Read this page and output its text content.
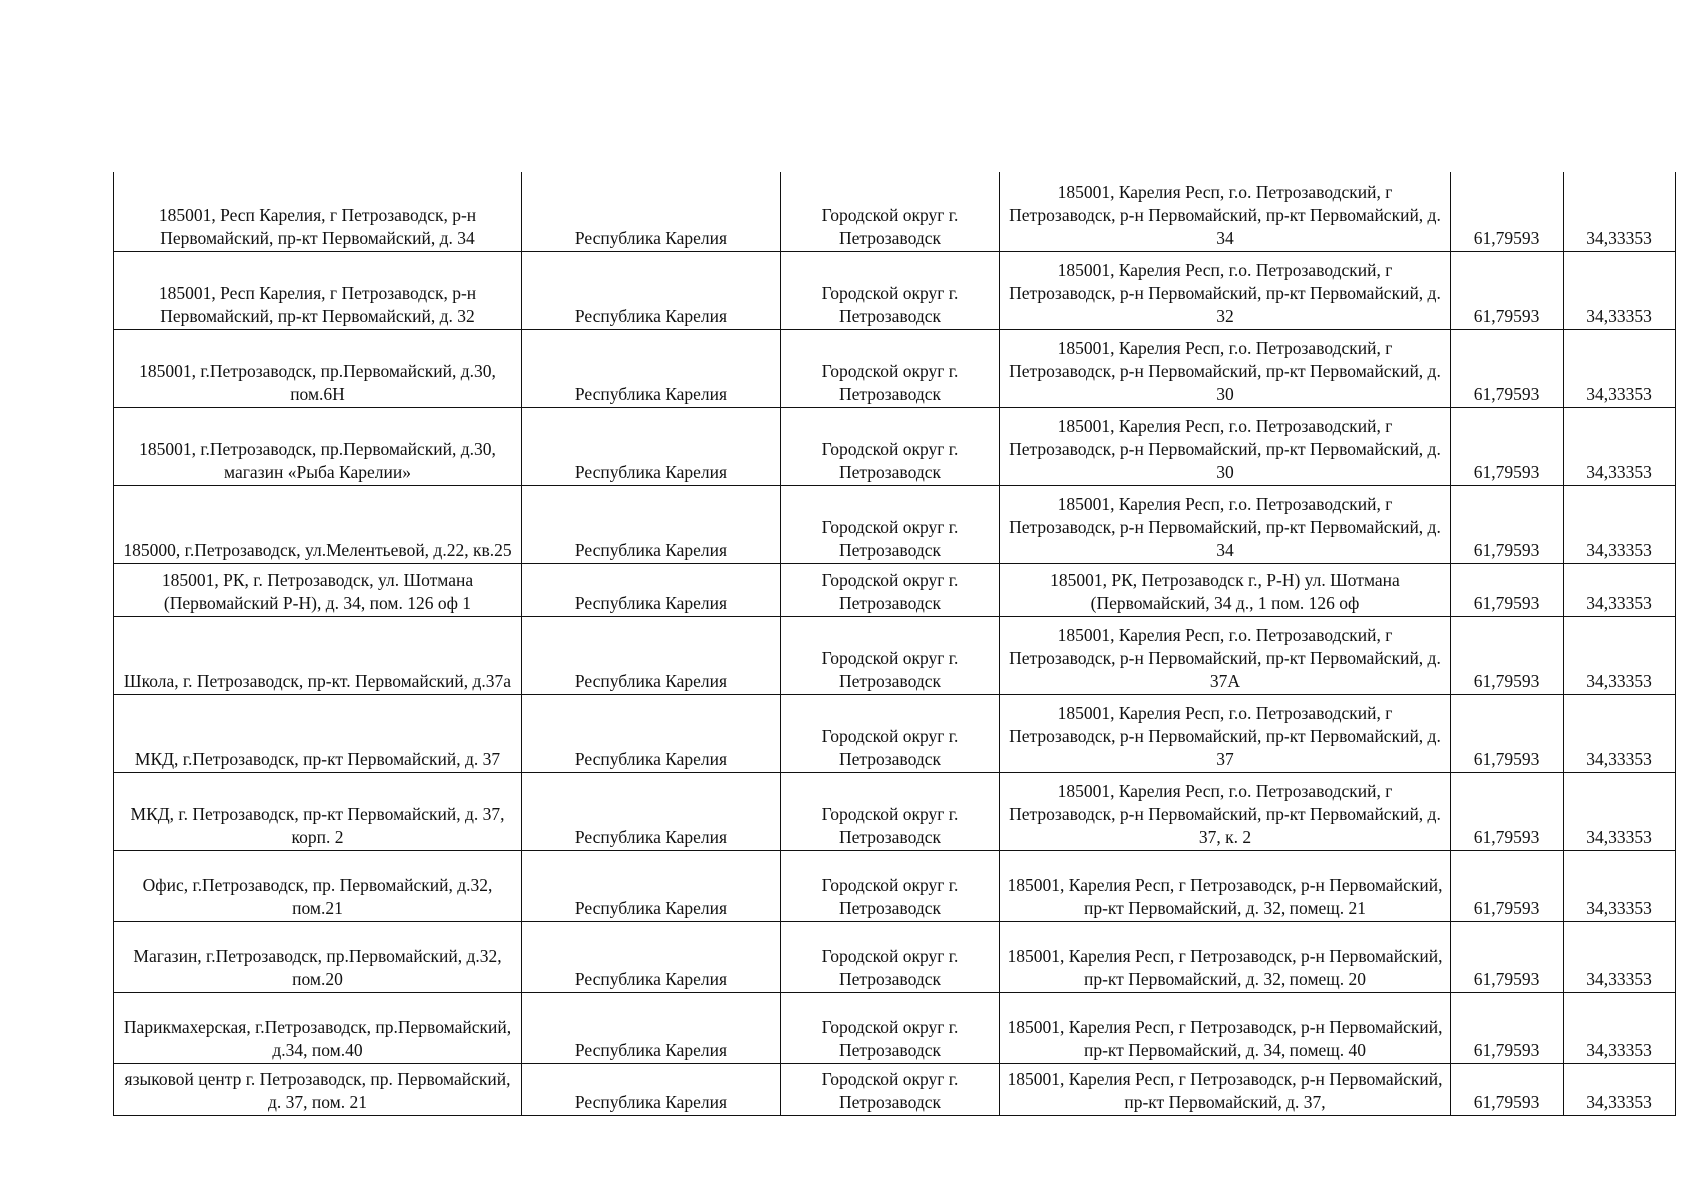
185001, Респ Карелия, г Петрозаводск, р-н Первомайский, пр-кт Первомайский, д. 34	Республика Карелия	Городской округ г. Петрозаводск	185001, Карелия Респ, г.о. Петрозаводский, г Петрозаводск, р-н Первомайский, пр-кт Первомайский, д. 34	61,79593	34,33353
185001, Респ Карелия, г Петрозаводск, р-н Первомайский, пр-кт Первомайский, д. 32	Республика Карелия	Городской округ г. Петрозаводск	185001, Карелия Респ, г.о. Петрозаводский, г Петрозаводск, р-н Первомайский, пр-кт Первомайский, д. 32	61,79593	34,33353
185001, г.Петрозаводск, пр.Первомайский, д.30, пом.6Н	Республика Карелия	Городской округ г. Петрозаводск	185001, Карелия Респ, г.о. Петрозаводский, г Петрозаводск, р-н Первомайский, пр-кт Первомайский, д. 30	61,79593	34,33353
185001, г.Петрозаводск, пр.Первомайский, д.30, магазин «Рыба Карелии»	Республика Карелия	Городской округ г. Петрозаводск	185001, Карелия Респ, г.о. Петрозаводский, г Петрозаводск, р-н Первомайский, пр-кт Первомайский, д. 30	61,79593	34,33353
185000, г.Петрозаводск, ул.Мелентьевой, д.22, кв.25	Республика Карелия	Городской округ г. Петрозаводск	185001, Карелия Респ, г.о. Петрозаводский, г Петрозаводск, р-н Первомайский, пр-кт Первомайский, д. 34	61,79593	34,33353
185001, РК, г. Петрозаводск, ул. Шотмана (Первомайский Р-Н), д. 34, пом. 126 оф 1	Республика Карелия	Городской округ г. Петрозаводск	185001, РК, Петрозаводск г., Р-Н) ул. Шотмана (Первомайский, 34 д., 1 пом. 126 оф	61,79593	34,33353
Школа, г. Петрозаводск, пр-кт. Первомайский, д.37а	Республика Карелия	Городской округ г. Петрозаводск	185001, Карелия Респ, г.о. Петрозаводский, г Петрозаводск, р-н Первомайский, пр-кт Первомайский, д. 37А	61,79593	34,33353
МКД, г.Петрозаводск, пр-кт Первомайский, д. 37	Республика Карелия	Городской округ г. Петрозаводск	185001, Карелия Респ, г.о. Петрозаводский, г Петрозаводск, р-н Первомайский, пр-кт Первомайский, д. 37	61,79593	34,33353
МКД, г. Петрозаводск, пр-кт Первомайский, д. 37, корп. 2	Республика Карелия	Городской округ г. Петрозаводск	185001, Карелия Респ, г.о. Петрозаводский, г Петрозаводск, р-н Первомайский, пр-кт Первомайский, д. 37, к. 2	61,79593	34,33353
Офис, г.Петрозаводск, пр. Первомайский, д.32, пом.21	Республика Карелия	Городской округ г. Петрозаводск	185001, Карелия Респ, г Петрозаводск, р-н Первомайский, пр-кт Первомайский, д. 32, помещ. 21	61,79593	34,33353
Магазин, г.Петрозаводск, пр.Первомайский, д.32, пом.20	Республика Карелия	Городской округ г. Петрозаводск	185001, Карелия Респ, г Петрозаводск, р-н Первомайский, пр-кт Первомайский, д. 32, помещ. 20	61,79593	34,33353
Парикмахерская, г.Петрозаводск, пр.Первомайский, д.34, пом.40	Республика Карелия	Городской округ г. Петрозаводск	185001, Карелия Респ, г Петрозаводск, р-н Первомайский, пр-кт Первомайский, д. 34, помещ. 40	61,79593	34,33353
языковой центр г. Петрозаводск, пр. Первомайский, д. 37, пом. 21	Республика Карелия	Городской округ г. Петрозаводск	185001, Карелия Респ, г Петрозаводск, р-н Первомайский, пр-кт Первомайский, д. 37,	61,79593	34,33353
